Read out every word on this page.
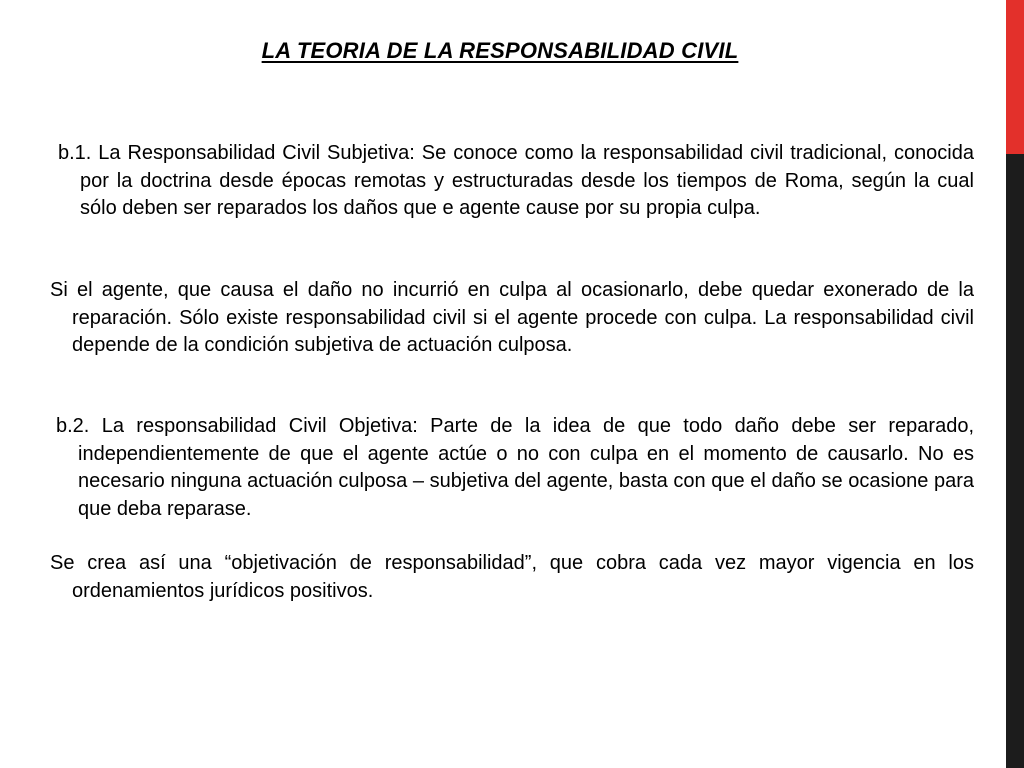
LA TEORIA DE LA RESPONSABILIDAD CIVIL

b.1. La Responsabilidad Civil Subjetiva: Se conoce como la responsabilidad civil tradicional, conocida por la doctrina desde épocas remotas y estructuradas desde los tiempos de Roma, según la cual sólo deben ser reparados los daños que e agente cause por su propia culpa.

Si el agente, que causa el daño no incurrió en culpa al ocasionarlo, debe quedar exonerado de la reparación. Sólo existe responsabilidad civil si el agente procede con culpa. La responsabilidad civil depende de la condición subjetiva de actuación culposa.

b.2. La responsabilidad Civil Objetiva: Parte de la idea de que todo daño debe ser reparado, independientemente de que el agente actúe o no con culpa en el momento de causarlo. No es necesario ninguna actuación culposa – subjetiva del agente, basta con que el daño se ocasione para que deba reparase.

Se crea así una “objetivación de responsabilidad”, que cobra cada vez mayor vigencia en los ordenamientos jurídicos positivos.
